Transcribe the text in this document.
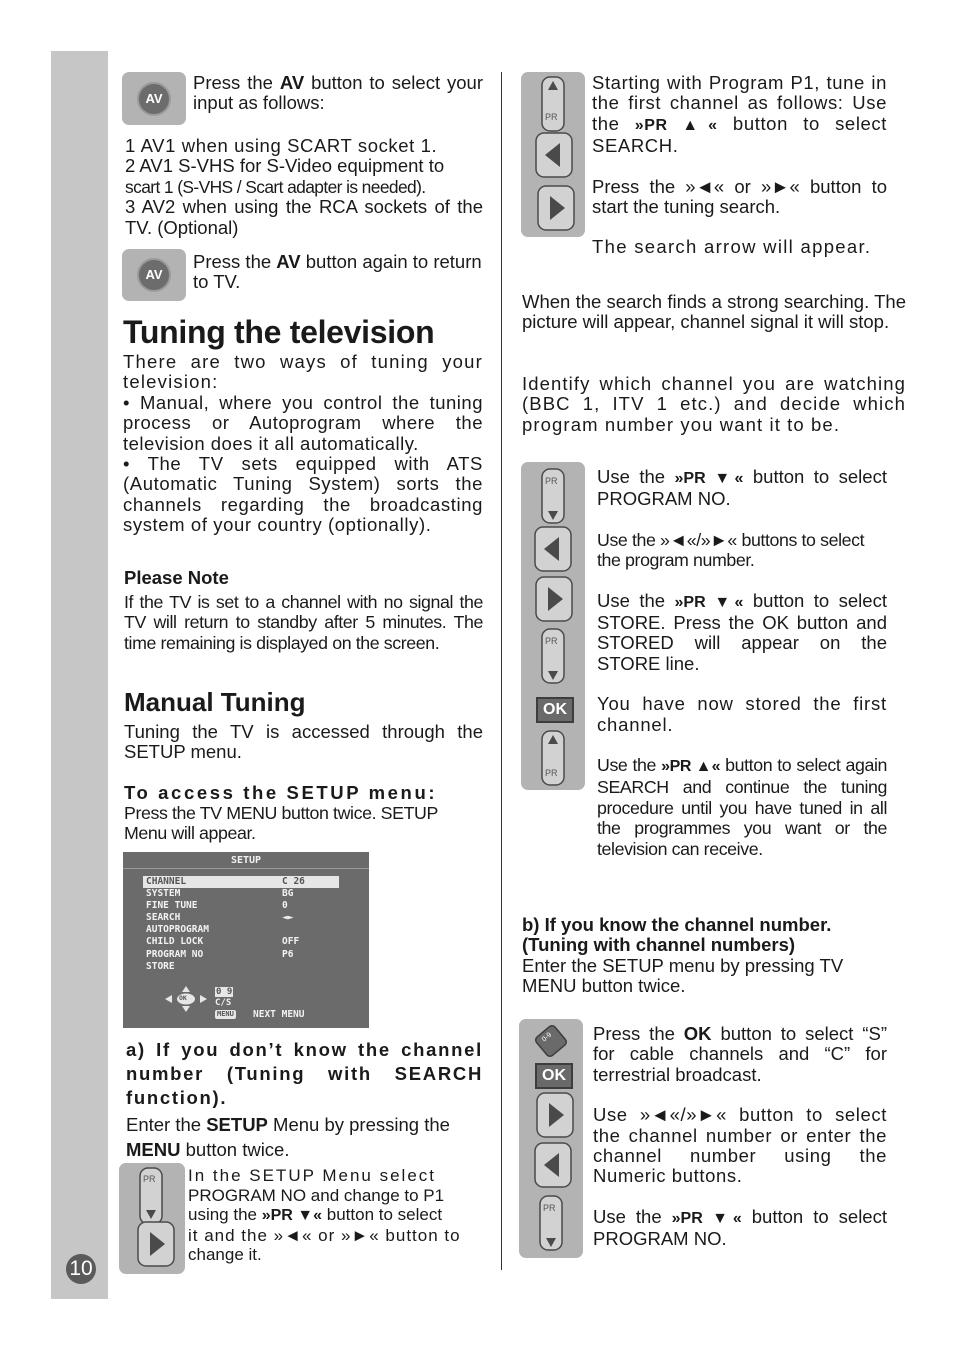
10
AV
Press the AV button to select your input as follows:

1 AV1 when using SCART socket 1.

2 AV1 S-VHS for S-Video equipment to

scart 1 (S-VHS / Scart adapter is needed).

3 AV2 when using the RCA sockets of the TV. (Optional)

AV
Press the AV button again to return to TV.
Tuning the television

There are two ways of tuning your television:

• Manual, where you control the tuning process or Autoprogram where the television does it all automatically.

• The TV sets equipped with ATS (Automatic Tuning System) sorts the channels regarding the broadcasting system of your country (optionally).

Please Note
If the TV is set to a channel with no signal the TV will return to standby after 5 minutes. The time remaining is displayed on the screen.
Manual Tuning
Tuning the TV is accessed through the SETUP menu.
To access the SETUP menu:
Press the TV MENU button twice. SETUP Menu will appear.
SETUP
CHANNEL	C 26
SYSTEM	BG
FINE TUNE	0
SEARCH	◄►
AUTOPROGRAM
CHILD LOCK	OFF
PROGRAM NO	P6
STORE
OK
0 9
C/S
MENU NEXT MENU
a) If you don’t know the channel number (Tuning with SEARCH function).
Enter the SETUP Menu by pressing the MENU button twice.
PR In the SETUP Menu select

PROGRAM NO and change to P1

using the »PR ▼« button to select

it and the »◄« or »►« button to

change it.

PR

Starting with Program P1, tune in the first channel as follows: Use the »PR ▲« button to select SEARCH.

Press the »◄« or »►« button to start the tuning search.

The search arrow will appear.

When the search finds a strong searching. The picture will appear, channel signal it will stop.
Identify which channel you are watching (BBC 1, ITV 1 etc.) and decide which program number you want it to be.
PR
PR
OK
PR

Use the »PR ▼« button to select PROGRAM NO.

Use the »◄«/»►« buttons to select the program number.

Use the »PR ▼« button to select STORE. Press the OK button and STORED will appear on the STORE line.

You have now stored the first channel.

Use the »PR ▲« button to select again SEARCH and continue the tuning procedure until you have tuned in all the programmes you want or the television can receive.

b) If you know the channel number.

(Tuning with channel numbers)

Enter the SETUP menu by pressing TV MENU button twice.
0-9
OK
PR

Press the OK button to select “S” for cable channels and “C” for terrestrial broadcast.

Use »◄«/»►« button to select the channel number or enter the channel number using the Numeric buttons.

Use the »PR ▼« button to select PROGRAM NO.
